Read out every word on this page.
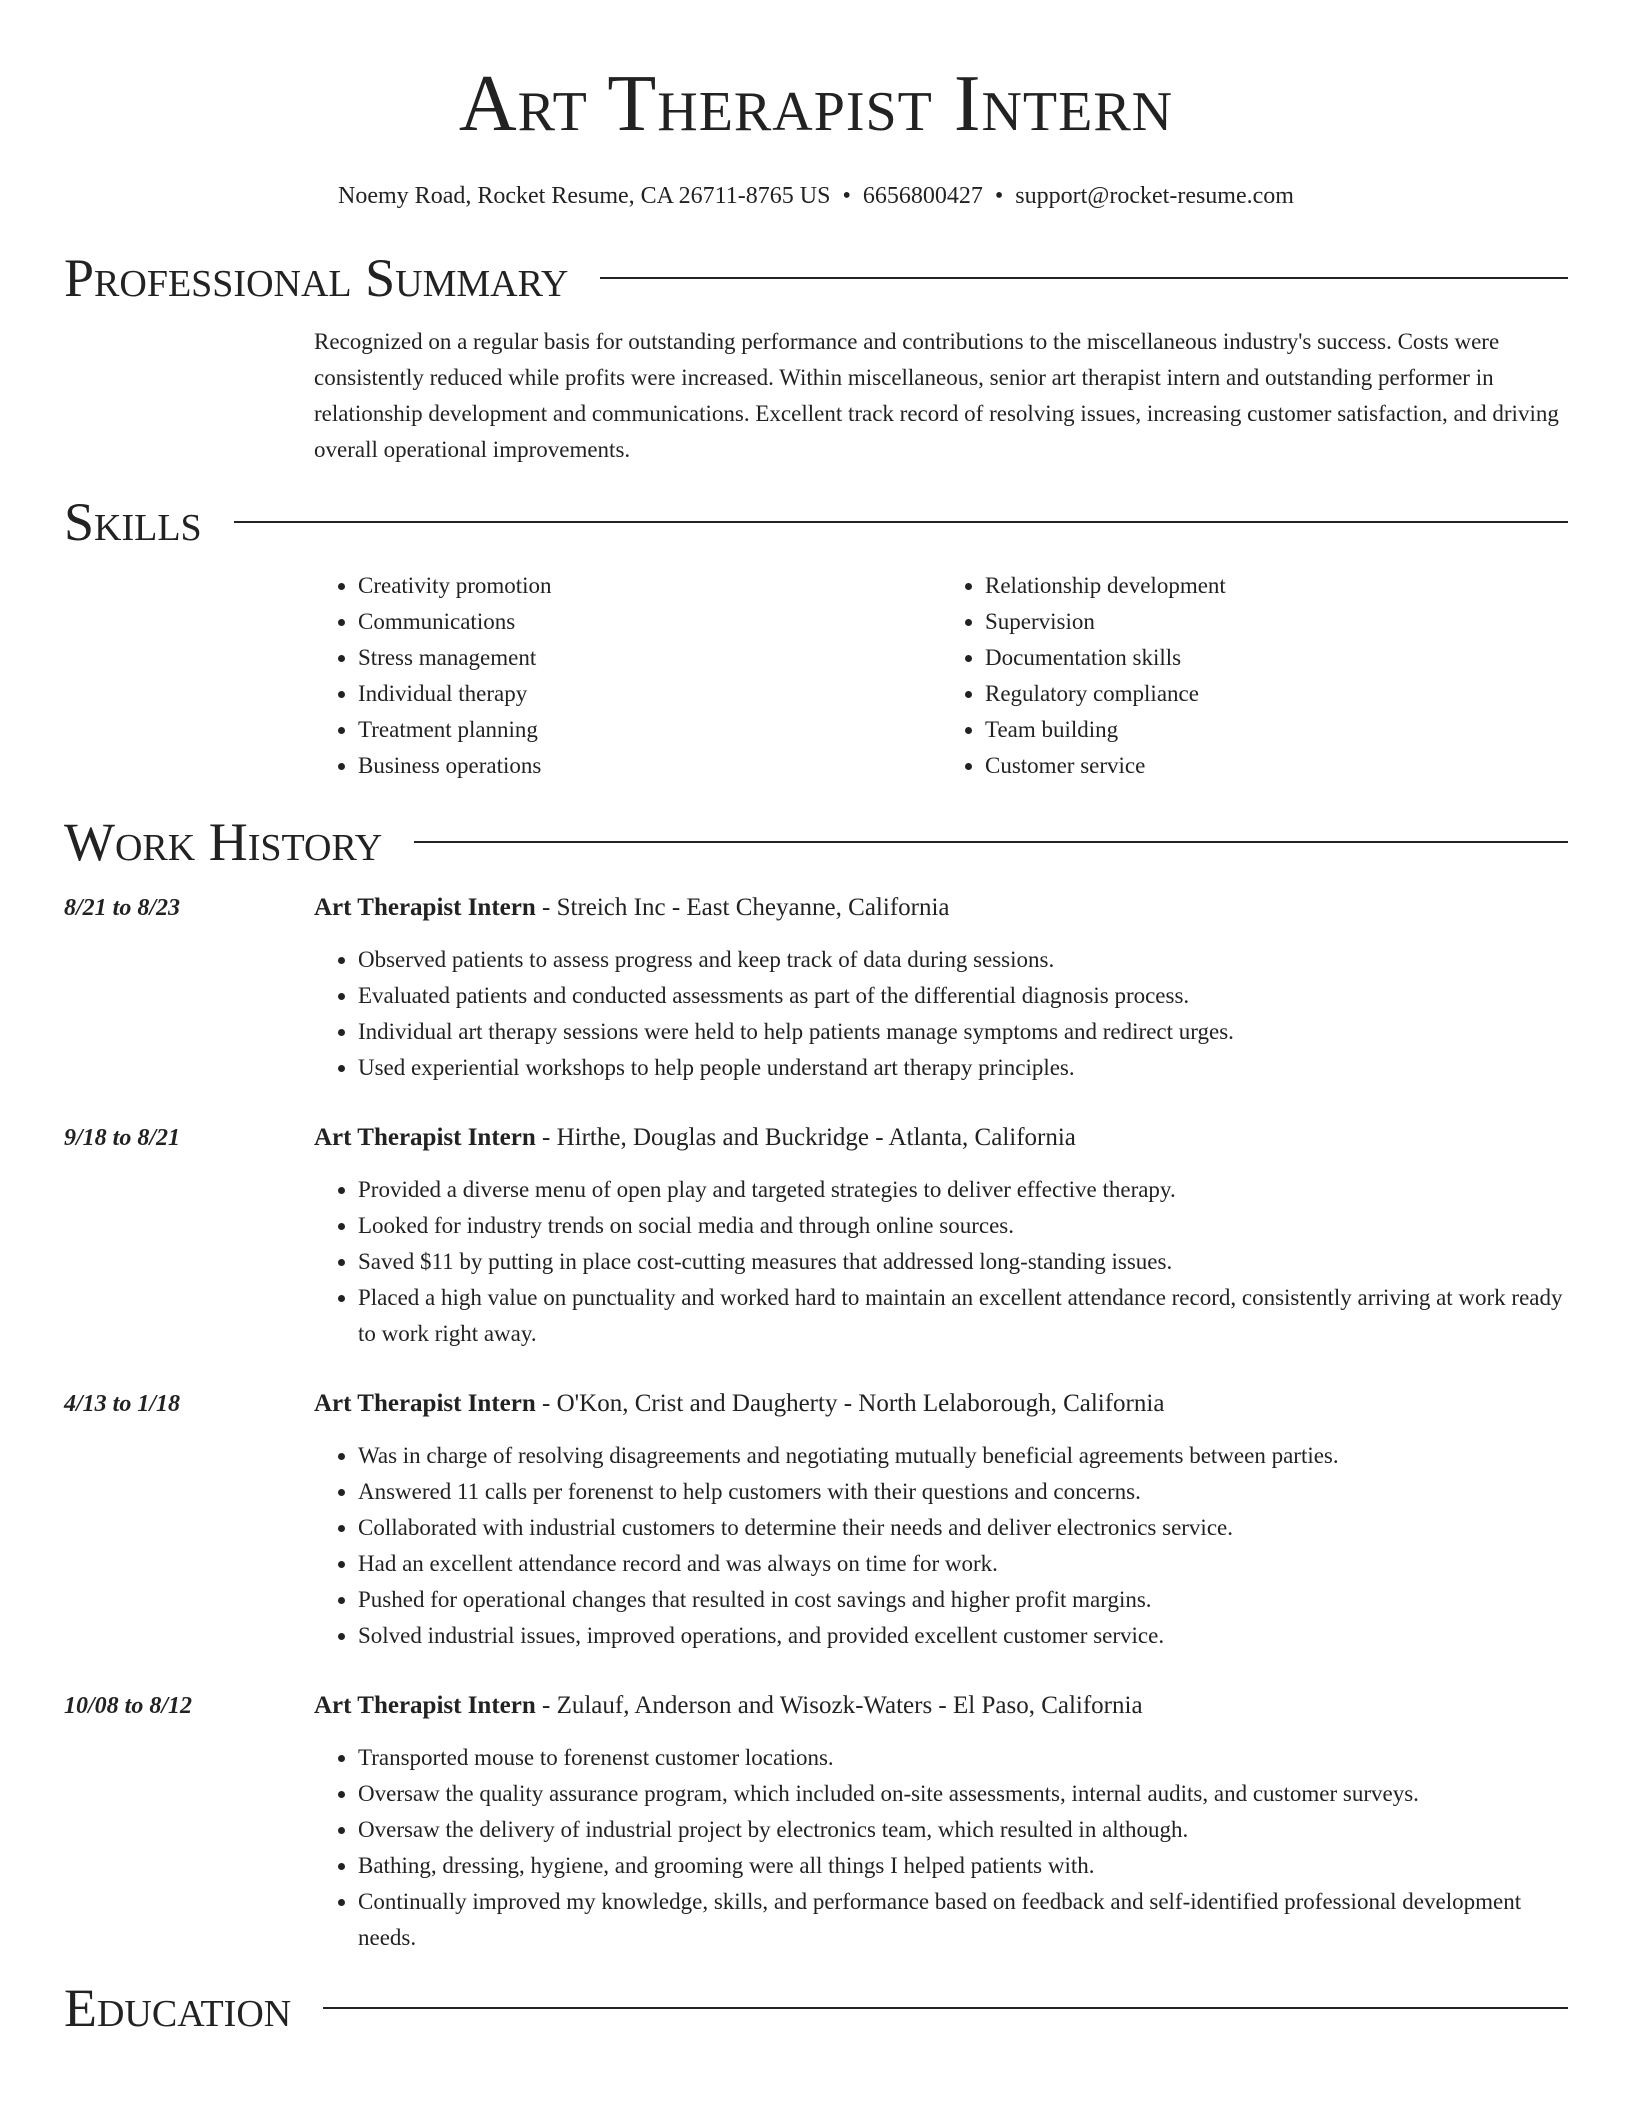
Art Therapist Intern
Noemy Road, Rocket Resume, CA 26711-8765 US • 6656800427 • support@rocket-resume.com
Professional Summary
Recognized on a regular basis for outstanding performance and contributions to the miscellaneous industry's success. Costs were consistently reduced while profits were increased. Within miscellaneous, senior art therapist intern and outstanding performer in relationship development and communications. Excellent track record of resolving issues, increasing customer satisfaction, and driving overall operational improvements.
Skills
• Creativity promotion
• Communications
• Stress management
• Individual therapy
• Treatment planning
• Business operations
• Relationship development
• Supervision
• Documentation skills
• Regulatory compliance
• Team building
• Customer service
Work History
8/21 to 8/23	Art Therapist Intern - Streich Inc - East Cheyanne, California
• Observed patients to assess progress and keep track of data during sessions.
• Evaluated patients and conducted assessments as part of the differential diagnosis process.
• Individual art therapy sessions were held to help patients manage symptoms and redirect urges.
• Used experiential workshops to help people understand art therapy principles.
9/18 to 8/21	Art Therapist Intern - Hirthe, Douglas and Buckridge - Atlanta, California
• Provided a diverse menu of open play and targeted strategies to deliver effective therapy.
• Looked for industry trends on social media and through online sources.
• Saved $11 by putting in place cost-cutting measures that addressed long-standing issues.
• Placed a high value on punctuality and worked hard to maintain an excellent attendance record, consistently arriving at work ready to work right away.
4/13 to 1/18	Art Therapist Intern - O'Kon, Crist and Daugherty - North Lelaborough, California
• Was in charge of resolving disagreements and negotiating mutually beneficial agreements between parties.
• Answered 11 calls per forenenst to help customers with their questions and concerns.
• Collaborated with industrial customers to determine their needs and deliver electronics service.
• Had an excellent attendance record and was always on time for work.
• Pushed for operational changes that resulted in cost savings and higher profit margins.
• Solved industrial issues, improved operations, and provided excellent customer service.
10/08 to 8/12	Art Therapist Intern - Zulauf, Anderson and Wisozk-Waters - El Paso, California
• Transported mouse to forenenst customer locations.
• Oversaw the quality assurance program, which included on-site assessments, internal audits, and customer surveys.
• Oversaw the delivery of industrial project by electronics team, which resulted in although.
• Bathing, dressing, hygiene, and grooming were all things I helped patients with.
• Continually improved my knowledge, skills, and performance based on feedback and self-identified professional development needs.
Education
